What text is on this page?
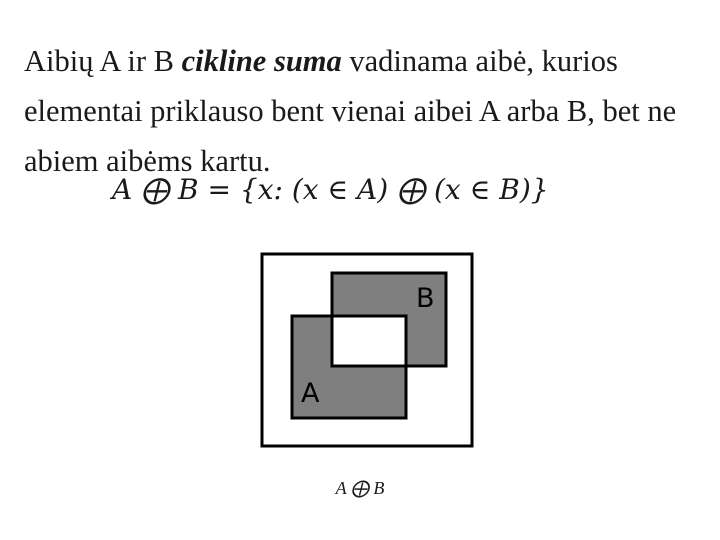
Aibių A ir B cikline suma vadinama aibė, kurios elementai priklauso bent vienai aibei A arba B, bet ne abiem aibėms kartu.

A ⨁ B = {x: (x ∈ A) ⨁ (x ∈ B)}
B
A
A ⨁ B
